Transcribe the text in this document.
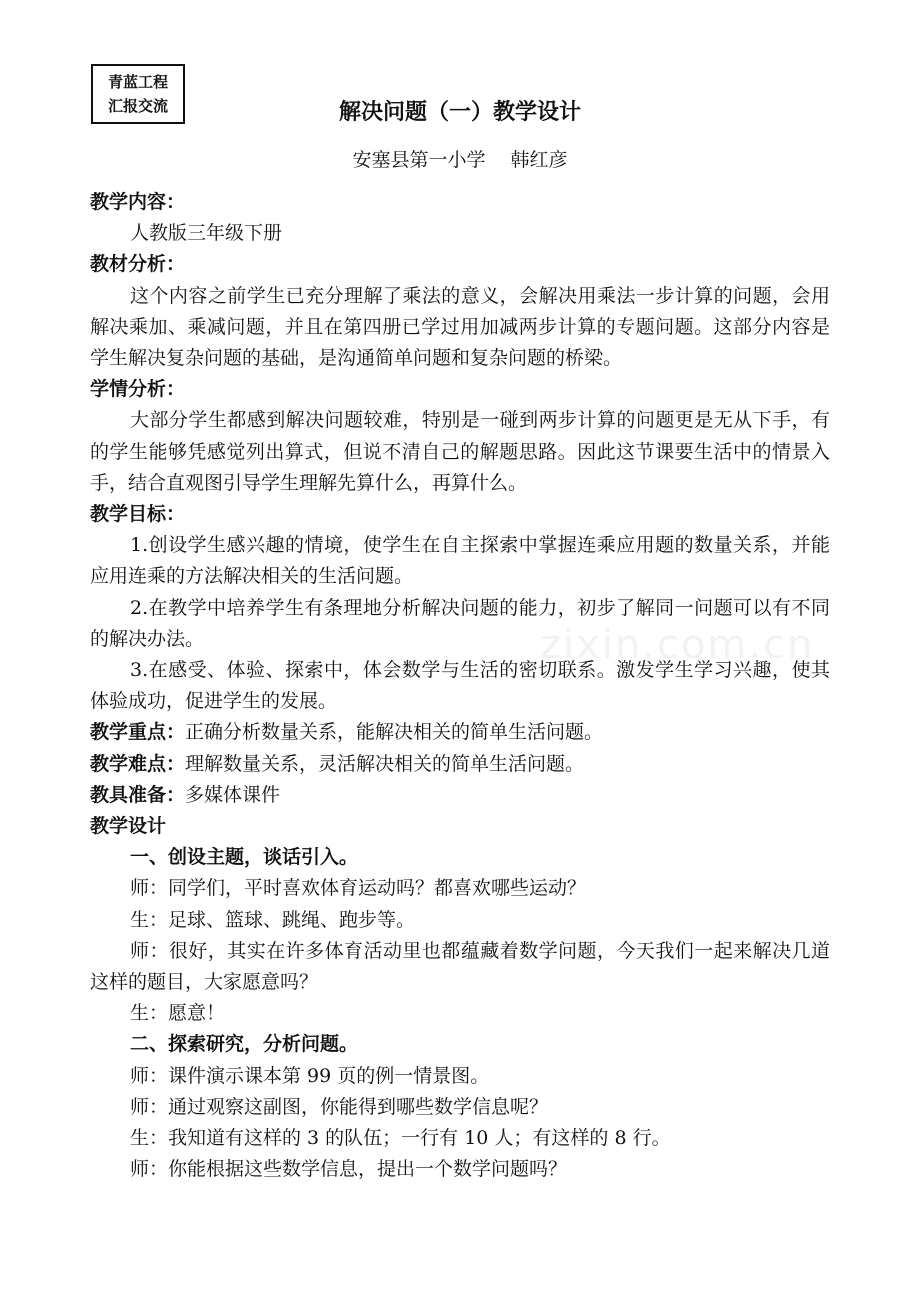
zixin.com.cn
青蓝工程
汇报交流	解决问题（一）教学设计
安塞县第一小学　 韩红彦

教学内容：

人教版三年级下册

教材分析：

这个内容之前学生已充分理解了乘法的意义，会解决用乘法一步计算的问题，会用解决乘加、乘减问题，并且在第四册已学过用加减两步计算的专题问题。这部分内容是学生解决复杂问题的基础，是沟通简单问题和复杂问题的桥梁。

学情分析：

大部分学生都感到解决问题较难，特别是一碰到两步计算的问题更是无从下手，有的学生能够凭感觉列出算式，但说不清自己的解题思路。因此这节课要生活中的情景入手，结合直观图引导学生理解先算什么，再算什么。

教学目标：

1.创设学生感兴趣的情境，使学生在自主探索中掌握连乘应用题的数量关系，并能应用连乘的方法解决相关的生活问题。

2.在教学中培养学生有条理地分析解决问题的能力，初步了解同一问题可以有不同的解决办法。

3.在感受、体验、探索中，体会数学与生活的密切联系。激发学生学习兴趣，使其体验成功，促进学生的发展。

教学重点：正确分析数量关系，能解决相关的简单生活问题。

教学难点：理解数量关系，灵活解决相关的简单生活问题。

教具准备：多媒体课件

教学设计

一、创设主题，谈话引入。

师：同学们，平时喜欢体育运动吗？都喜欢哪些运动？

生：足球、篮球、跳绳、跑步等。

师：很好，其实在许多体育活动里也都蕴藏着数学问题，今天我们一起来解决几道这样的题目，大家愿意吗？

生：愿意！

二、探索研究，分析问题。

师：课件演示课本第 99 页的例一情景图。

师：通过观察这副图，你能得到哪些数学信息呢？

生：我知道有这样的 3 的队伍；一行有 10 人；有这样的 8 行。

师：你能根据这些数学信息，提出一个数学问题吗？
